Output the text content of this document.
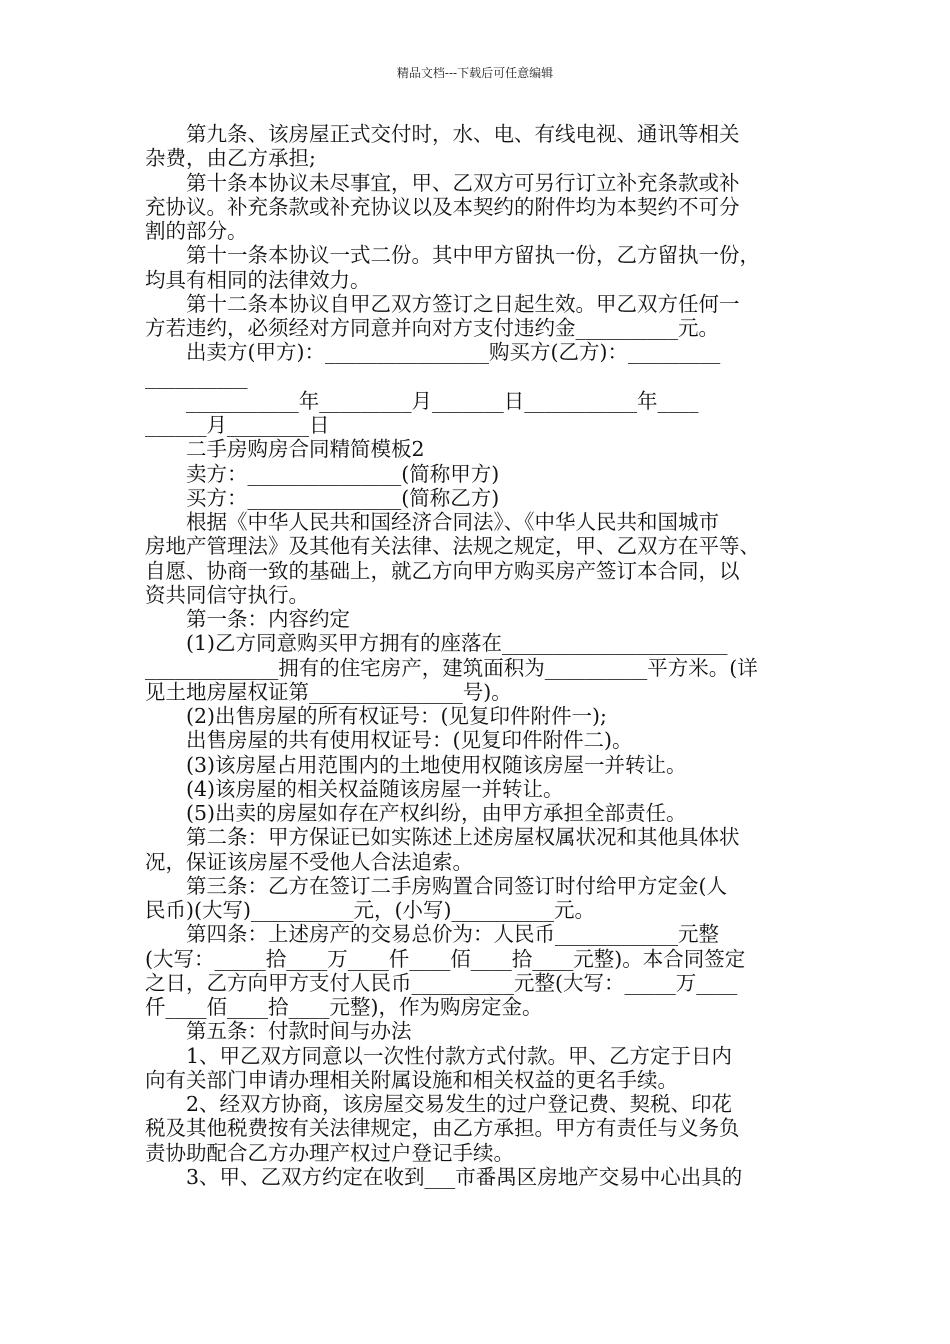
精品文档---下载后可任意编辑
　　第九条、该房屋正式交付时，水、电、有线电视、通讯等相关
杂费，由乙方承担;
　　第十条本协议未尽事宜，甲、乙双方可另行订立补充条款或补
充协议。补充条款或补充协议以及本契约的附件均为本契约不可分
割的部分。
　　第十一条本协议一式二份。其中甲方留执一份，乙方留执一份，
均具有相同的法律效力。
　　第十二条本协议自甲乙双方签订之日起生效。甲乙双方任何一
方若违约，必须经对方同意并向对方支付违约金__________元。
　　出卖方(甲方)：________________购买方(乙方)：_________
__________
　　___________年_________月_______日___________年____
______月________日
　　二手房购房合同精简模板2
　　卖方：_______________(简称甲方)
　　买方：_______________(简称乙方)
　　根据《中华人民共和国经济合同法》、《中华人民共和国城市
房地产管理法》及其他有关法律、法规之规定，甲、乙双方在平等、
自愿、协商一致的基础上，就乙方向甲方购买房产签订本合同，以
资共同信守执行。
　　第一条：内容约定
　　(1)乙方同意购买甲方拥有的座落在______________________
_____________拥有的住宅房产，建筑面积为__________平方米。(详
见土地房屋权证第_______________号)。
　　(2)出售房屋的所有权证号：(见复印件附件一);
　　出售房屋的共有使用权证号：(见复印件附件二)。
　　(3)该房屋占用范围内的土地使用权随该房屋一并转让。
　　(4)该房屋的相关权益随该房屋一并转让。
　　(5)出卖的房屋如存在产权纠纷，由甲方承担全部责任。
　　第二条：甲方保证已如实陈述上述房屋权属状况和其他具体状
况，保证该房屋不受他人合法追索。
　　第三条：乙方在签订二手房购置合同签订时付给甲方定金(人
民币)(大写)__________元，(小写)__________元。
　　第四条：上述房产的交易总价为：人民币____________元整
(大写：_____拾____万____仟____佰____拾____元整)。本合同签定
之日，乙方向甲方支付人民币__________元整(大写：_____万____
仟____佰____拾____元整)，作为购房定金。
　　第五条：付款时间与办法
　　1、甲乙双方同意以一次性付款方式付款。甲、乙方定于日内
向有关部门申请办理相关附属设施和相关权益的更名手续。
　　2、经双方协商，该房屋交易发生的过户登记费、契税、印花
税及其他税费按有关法律规定，由乙方承担。甲方有责任与义务负
责协助配合乙方办理产权过户登记手续。
　　3、甲、乙双方约定在收到___市番禺区房地产交易中心出具的
